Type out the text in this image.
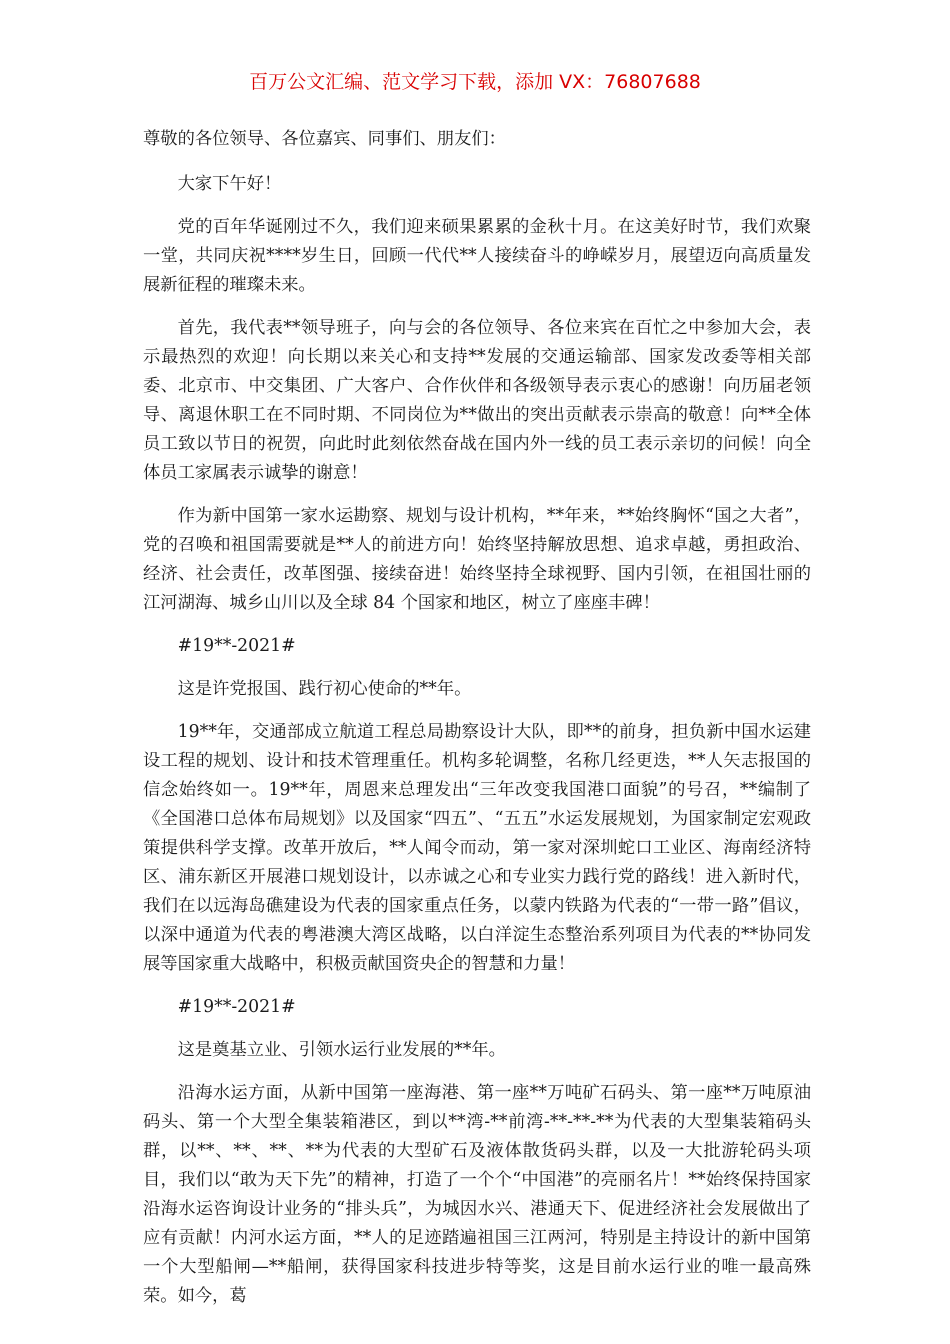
百万公文汇编、范文学习下载，添加 VX：76807688

尊敬的各位领导、各位嘉宾、同事们、朋友们：

大家下午好！

党的百年华诞刚过不久，我们迎来硕果累累的金秋十月。在这美好时节，我们欢聚一堂，共同庆祝****岁生日，回顾一代代**人接续奋斗的峥嵘岁月，展望迈向高质量发展新征程的璀璨未来。

首先，我代表**领导班子，向与会的各位领导、各位来宾在百忙之中参加大会，表示最热烈的欢迎！向长期以来关心和支持**发展的交通运输部、国家发改委等相关部委、北京市、中交集团、广大客户、合作伙伴和各级领导表示衷心的感谢！向历届老领导、离退休职工在不同时期、不同岗位为**做出的突出贡献表示崇高的敬意！向**全体员工致以节日的祝贺，向此时此刻依然奋战在国内外一线的员工表示亲切的问候！向全体员工家属表示诚挚的谢意！

作为新中国第一家水运勘察、规划与设计机构，**年来，**始终胸怀“国之大者”，党的召唤和祖国需要就是**人的前进方向！始终坚持解放思想、追求卓越，勇担政治、经济、社会责任，改革图强、接续奋进！始终坚持全球视野、国内引领，在祖国壮丽的江河湖海、城乡山川以及全球 84 个国家和地区，树立了座座丰碑！

#19**-2021#

这是许党报国、践行初心使命的**年。

19**年，交通部成立航道工程总局勘察设计大队，即**的前身，担负新中国水运建设工程的规划、设计和技术管理重任。机构多轮调整，名称几经更迭，**人矢志报国的信念始终如一。19**年，周恩来总理发出“三年改变我国港口面貌”的号召，**编制了《全国港口总体布局规划》以及国家“四五”、“五五”水运发展规划，为国家制定宏观政策提供科学支撑。改革开放后，**人闻令而动，第一家对深圳蛇口工业区、海南经济特区、浦东新区开展港口规划设计，以赤诚之心和专业实力践行党的路线！进入新时代，我们在以远海岛礁建设为代表的国家重点任务，以蒙内铁路为代表的“一带一路”倡议，以深中通道为代表的粤港澳大湾区战略，以白洋淀生态整治系列项目为代表的**协同发展等国家重大战略中，积极贡献国资央企的智慧和力量！

#19**-2021#

这是奠基立业、引领水运行业发展的**年。

沿海水运方面，从新中国第一座海港、第一座**万吨矿石码头、第一座**万吨原油码头、第一个大型全集装箱港区，到以**湾-**前湾-**-**-**为代表的大型集装箱码头群，以**、**、**、**为代表的大型矿石及液体散货码头群，以及一大批游轮码头项目，我们以“敢为天下先”的精神，打造了一个个“中国港”的亮丽名片！**始终保持国家沿海水运咨询设计业务的“排头兵”，为城因水兴、港通天下、促进经济社会发展做出了应有贡献！内河水运方面，**人的足迹踏遍祖国三江两河，特别是主持设计的新中国第一个大型船闸—**船闸，获得国家科技进步特等奖，这是目前水运行业的唯一最高殊荣。如今，葛
